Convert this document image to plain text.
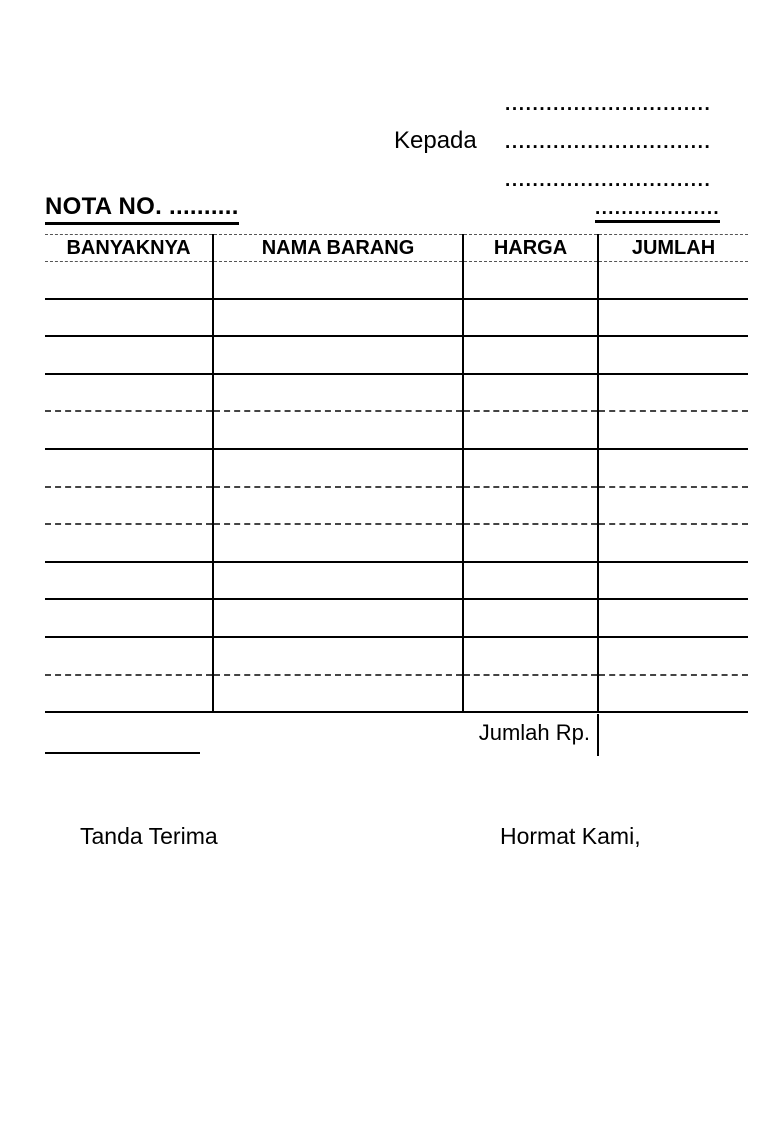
Kepada
..............................
..............................
..............................
NOTA NO. ..........	...................
BANYAKNYA	NAMA BARANG	HARGA	JUMLAH

Jumlah Rp.
Tanda Terima	Hormat Kami,
